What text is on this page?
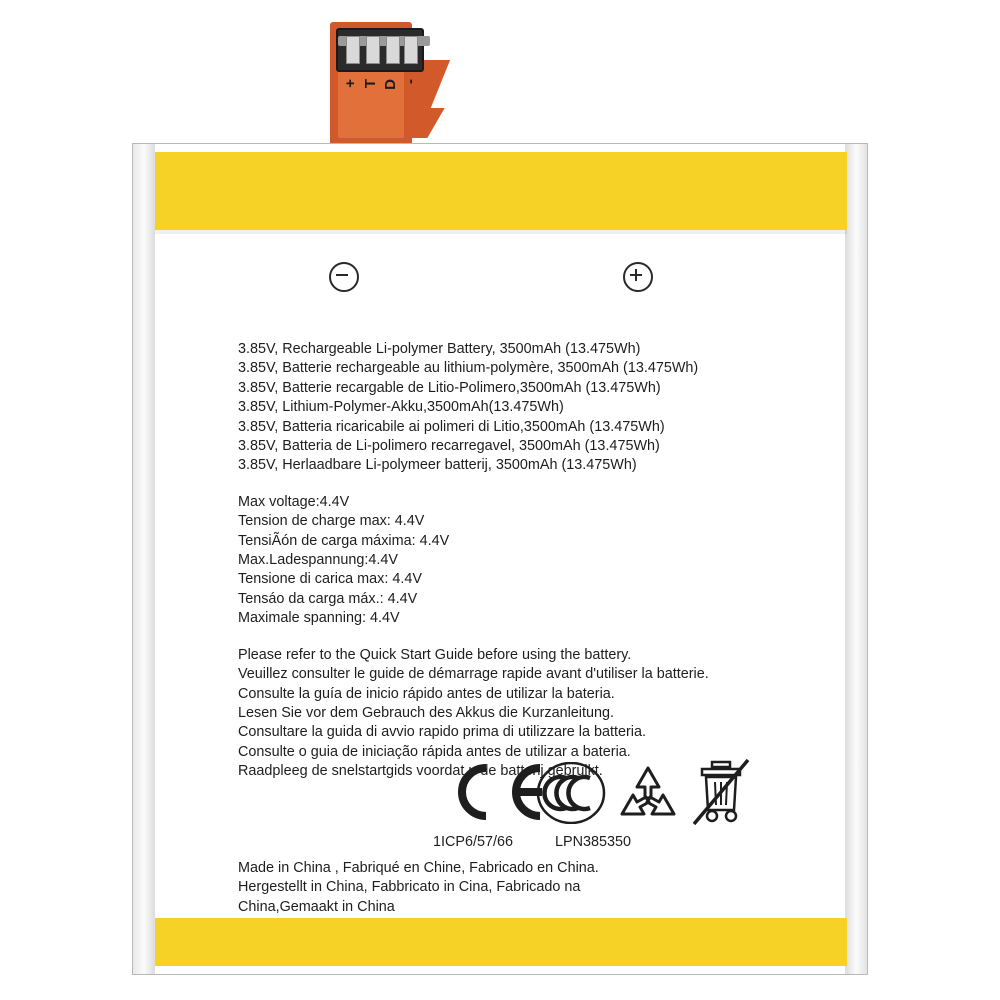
+ T D -
3.85V, Rechargeable Li-polymer Battery, 3500mAh (13.475Wh)
3.85V, Batterie rechargeable au lithium-polymère, 3500mAh (13.475Wh)
3.85V, Batterie recargable de Litio-Polimero,3500mAh (13.475Wh)
3.85V, Lithium-Polymer-Akku,3500mAh(13.475Wh)
3.85V, Batteria ricaricabile ai polimeri di Litio,3500mAh (13.475Wh)
3.85V, Batteria de Li-polimero recarregavel, 3500mAh (13.475Wh)
3.85V, Herlaadbare Li-polymeer batterij, 3500mAh (13.475Wh)
Max voltage:4.4V
Tension de charge max: 4.4V
TensiÃón de carga máxima: 4.4V
Max.Ladespannung:4.4V
Tensione di carica max: 4.4V
Tensáo da carga máx.: 4.4V
Maximale spanning: 4.4V
Please refer to the Quick Start Guide before using the battery.
Veuillez consulter le guide de démarrage rapide avant d'utiliser la batterie.
Consulte la guía de inicio rápido antes de utilizar la bateria.
Lesen Sie vor dem Gebrauch des Akkus die Kurzanleitung.
Consultare la guida di avvio rapido prima di utilizzare la batteria.
Consulte o guia de iniciação rápida antes de utilizar a bateria.
Raadpleeg de snelstartgids voordat u de batterij gebruikt.
1ICP6/57/66	LPN385350
Made in China , Fabriqué en Chine, Fabricado en China.
Hergestellt in China, Fabbricato in Cina, Fabricado na
China,Gemaakt in China
